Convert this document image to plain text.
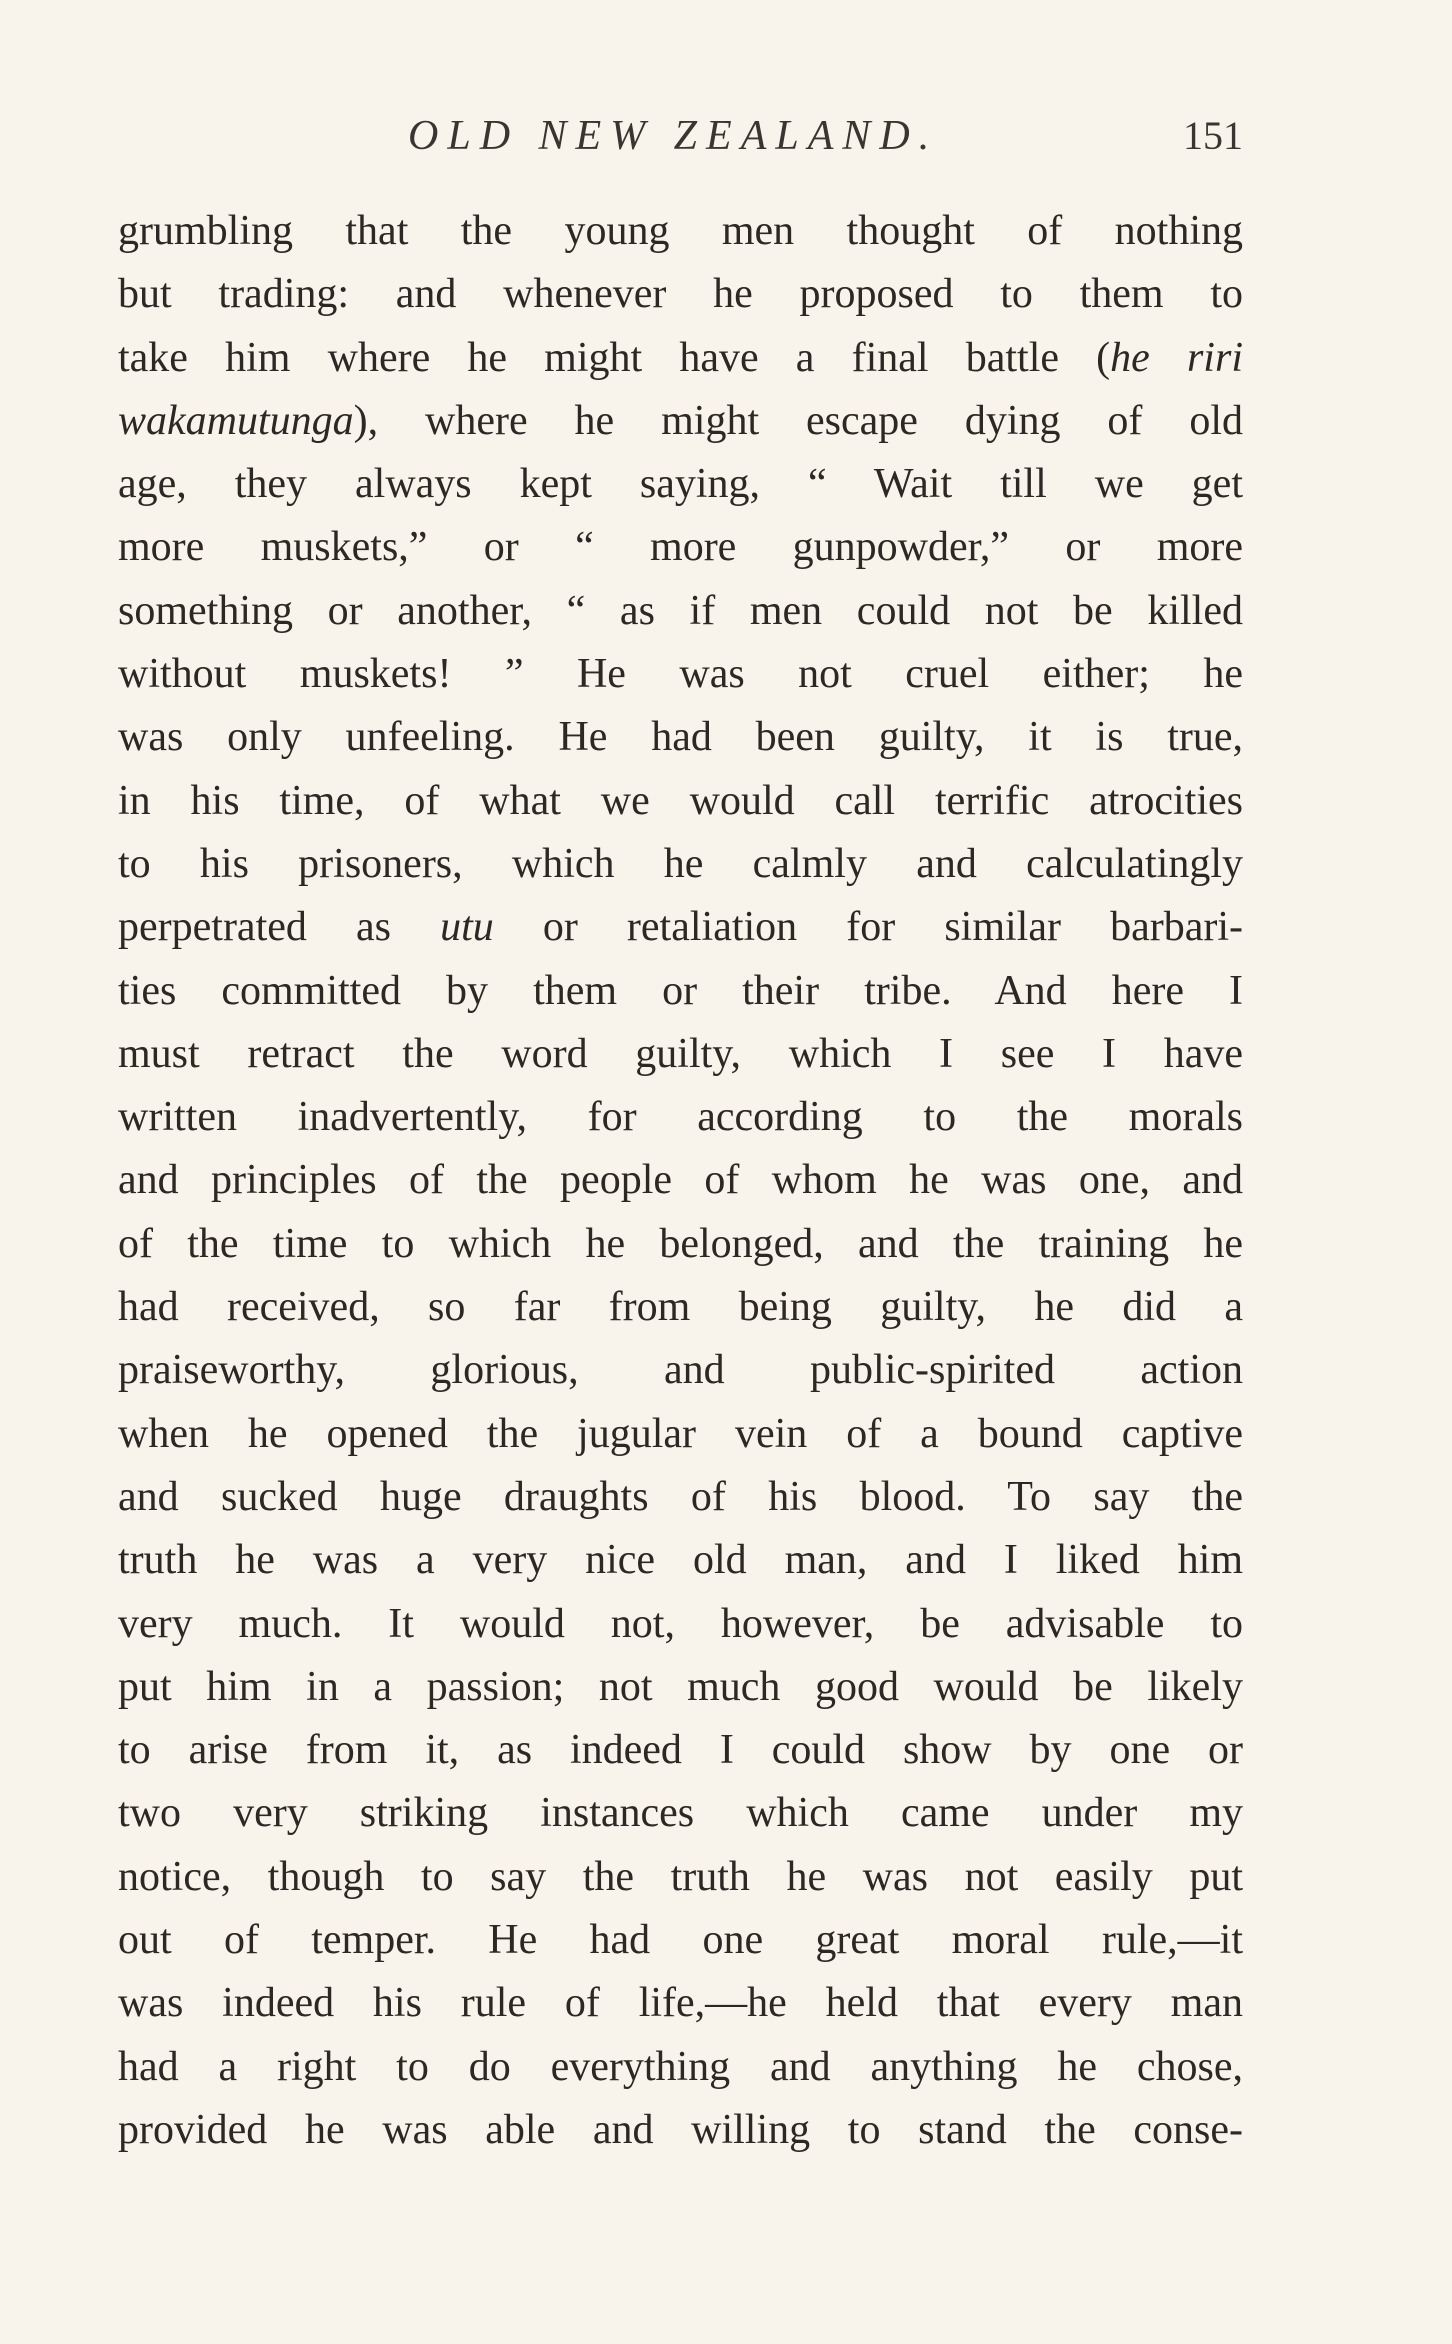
OLD NEW ZEALAND.	151
grumbling that the young men thought of nothing
but trading: and whenever he proposed to them to
take him where he might have a final battle (he riri
wakamutunga), where he might escape dying of old
age, they always kept saying, “ Wait till we get
more muskets,” or “ more gunpowder,” or more
something or another, “ as if men could not be killed
without muskets! ” He was not cruel either; he
was only unfeeling. He had been guilty, it is true,
in his time, of what we would call terrific atrocities
to his prisoners, which he calmly and calculatingly
perpetrated as utu or retaliation for similar barbari-
ties committed by them or their tribe. And here I
must retract the word guilty, which I see I have
written inadvertently, for according to the morals
and principles of the people of whom he was one, and
of the time to which he belonged, and the training he
had received, so far from being guilty, he did a
praiseworthy, glorious, and public-spirited action
when he opened the jugular vein of a bound captive
and sucked huge draughts of his blood. To say the
truth he was a very nice old man, and I liked him
very much. It would not, however, be advisable to
put him in a passion; not much good would be likely
to arise from it, as indeed I could show by one or
two very striking instances which came under my
notice, though to say the truth he was not easily put
out of temper. He had one great moral rule,—it
was indeed his rule of life,—he held that every man
had a right to do everything and anything he chose,
provided he was able and willing to stand the conse-
